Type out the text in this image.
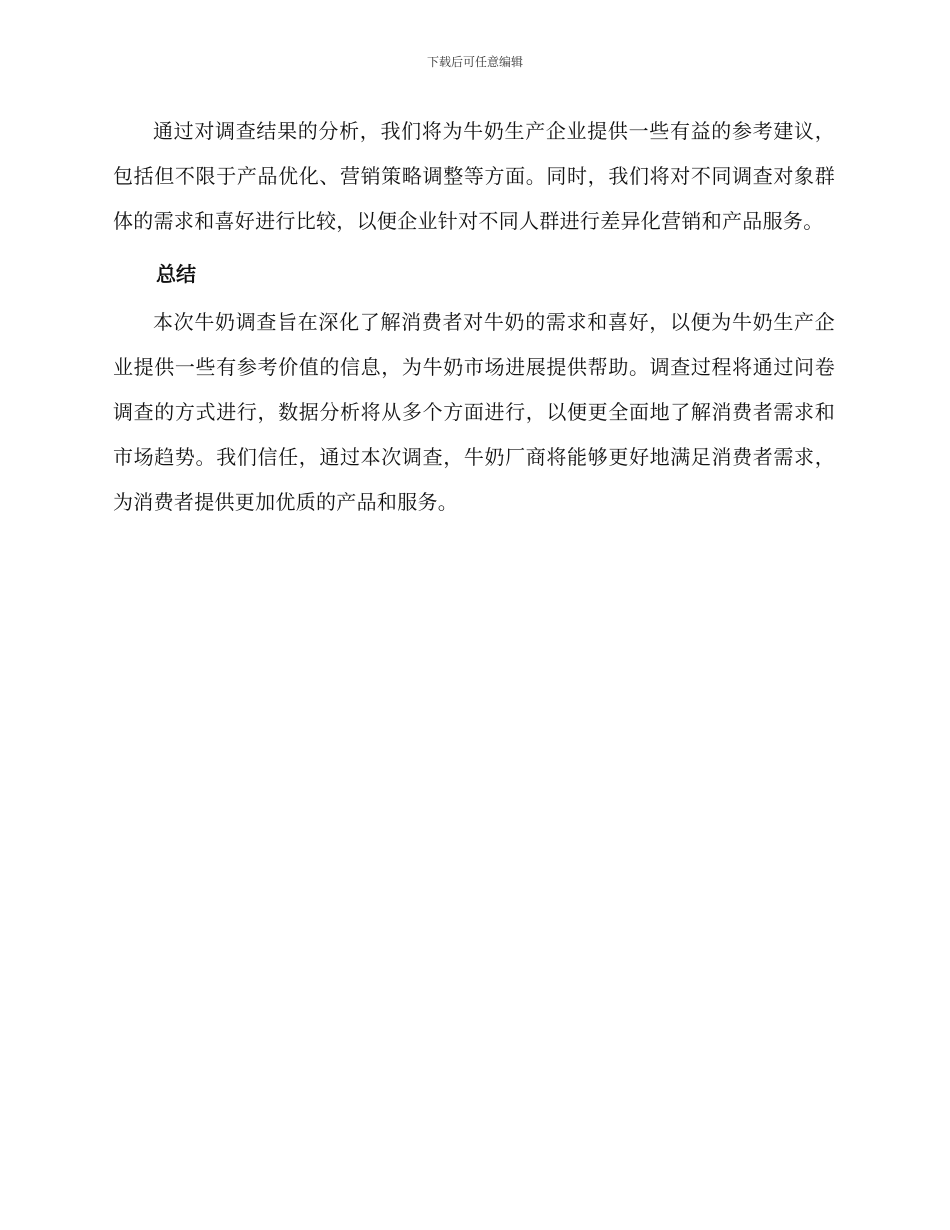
下载后可任意编辑

通过对调查结果的分析，我们将为牛奶生产企业提供一些有益的参考建议，包括但不限于产品优化、营销策略调整等方面。同时，我们将对不同调查对象群体的需求和喜好进行比较，以便企业针对不同人群进行差异化营销和产品服务。

总结

本次牛奶调查旨在深化了解消费者对牛奶的需求和喜好，以便为牛奶生产企业提供一些有参考价值的信息，为牛奶市场进展提供帮助。调查过程将通过问卷调查的方式进行，数据分析将从多个方面进行，以便更全面地了解消费者需求和市场趋势。我们信任，通过本次调查，牛奶厂商将能够更好地满足消费者需求，为消费者提供更加优质的产品和服务。
